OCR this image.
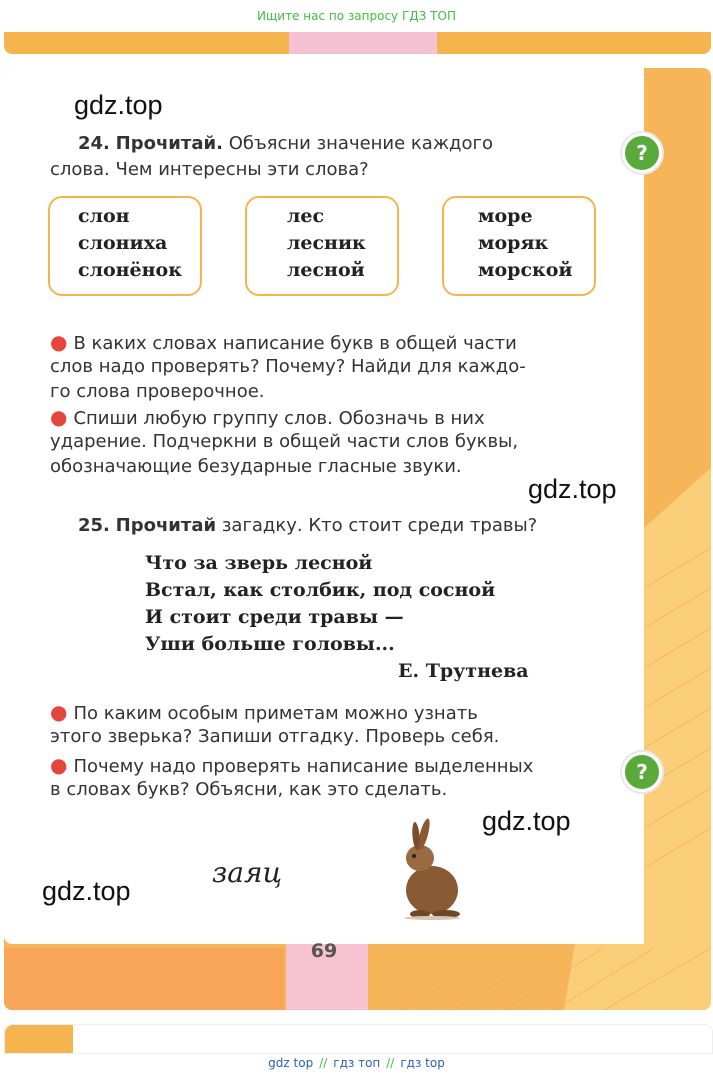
Ищите нас по запросу ГДЗ ТОП
gdz.top
24. Прочитай. Объясни значение каждого
слова. Чем интересны эти слова?
?
слон
слониха
слонёнок
лес
лесник
лесной
море
моряк
морской
● В каких словах написание букв в общей части
слов надо проверять? Почему? Найди для каждо-
го слова проверочное.
● Спиши любую группу слов. Обозначь в них
ударение. Подчеркни в общей части слов буквы,
обозначающие безударные гласные звуки.
gdz.top
25. Прочитай загадку. Кто стоит среди травы?
Что за зверь лесной
Встал, как столбик, под сосной
И стоит среди травы —
Уши больше головы...
Е. Трутнева
● По каким особым приметам можно узнать
этого зверька? Запиши отгадку. Проверь себя.
● Почему надо проверять написание выделенных
в словах букв? Объясни, как это сделать.
?
gdz.top
gdz.top
заяц
69
gdz top // гдз топ // гдз top
